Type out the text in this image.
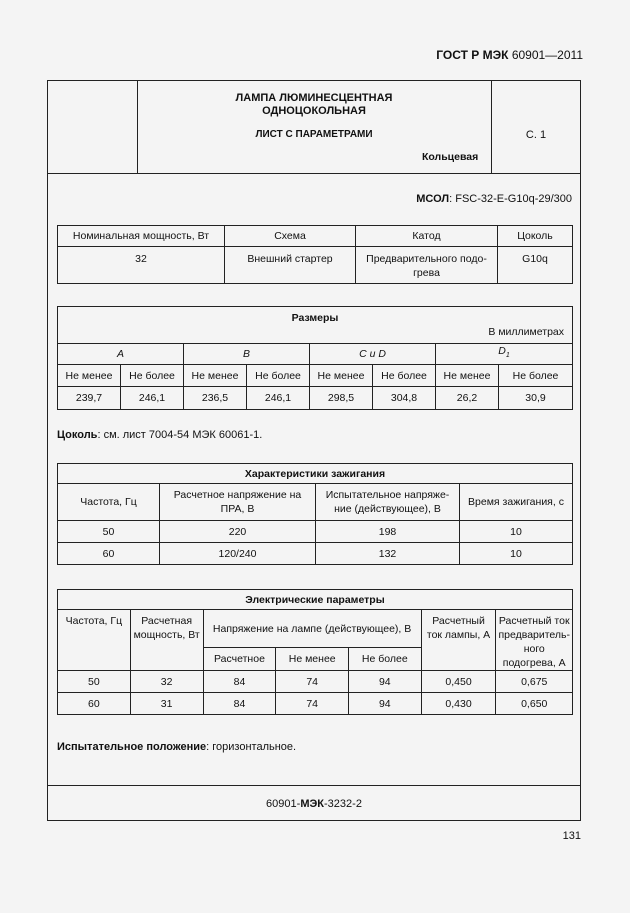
ГОСТ Р МЭК 60901—2011
ЛАМПА ЛЮМИНЕСЦЕНТНАЯ
ОДНОЦОКОЛЬНАЯ
ЛИСТ С ПАРАМЕТРАМИ
Кольцевая
С. 1
МСОЛ: FSC-32-E-G10q-29/300
Номинальная мощность, Вт	Схема	Катод	Цоколь
32	Внешний стартер	Предварительного подо-грева	G10q
Размеры
В миллиметрах							

A		B		C и D		$D_1$
Не менее	Не более	Не менее	Не более	Не менее	Не более	Не менее	Не более
239,7	246,1	236,5	246,1	298,5	304,8	26,2	30,9
Цоколь: см. лист 7004-54 МЭК 60061-1.
Характеристики зажигания			
Частота, Гц	Расчетное напряжение на ПРА, В	Испытательное напряже-ние (действующее), В	Время зажигания, с
50	220	198	10
60	120/240	132	10
Электрические параметры						
Частота, Гц	Расчетная мощность, Вт	Напряжение на лампе (действующее), В			Расчетный ток лампы, А	Расчетный ток предваритель-ного подогрева, А
		Расчетное	Не менее	Не более		
50	32	84	74	94	0,450	0,675
60	31	84	74	94	0,430	0,650
Испытательное положение: горизонтальное.
60901-МЭК-3232-2
131
